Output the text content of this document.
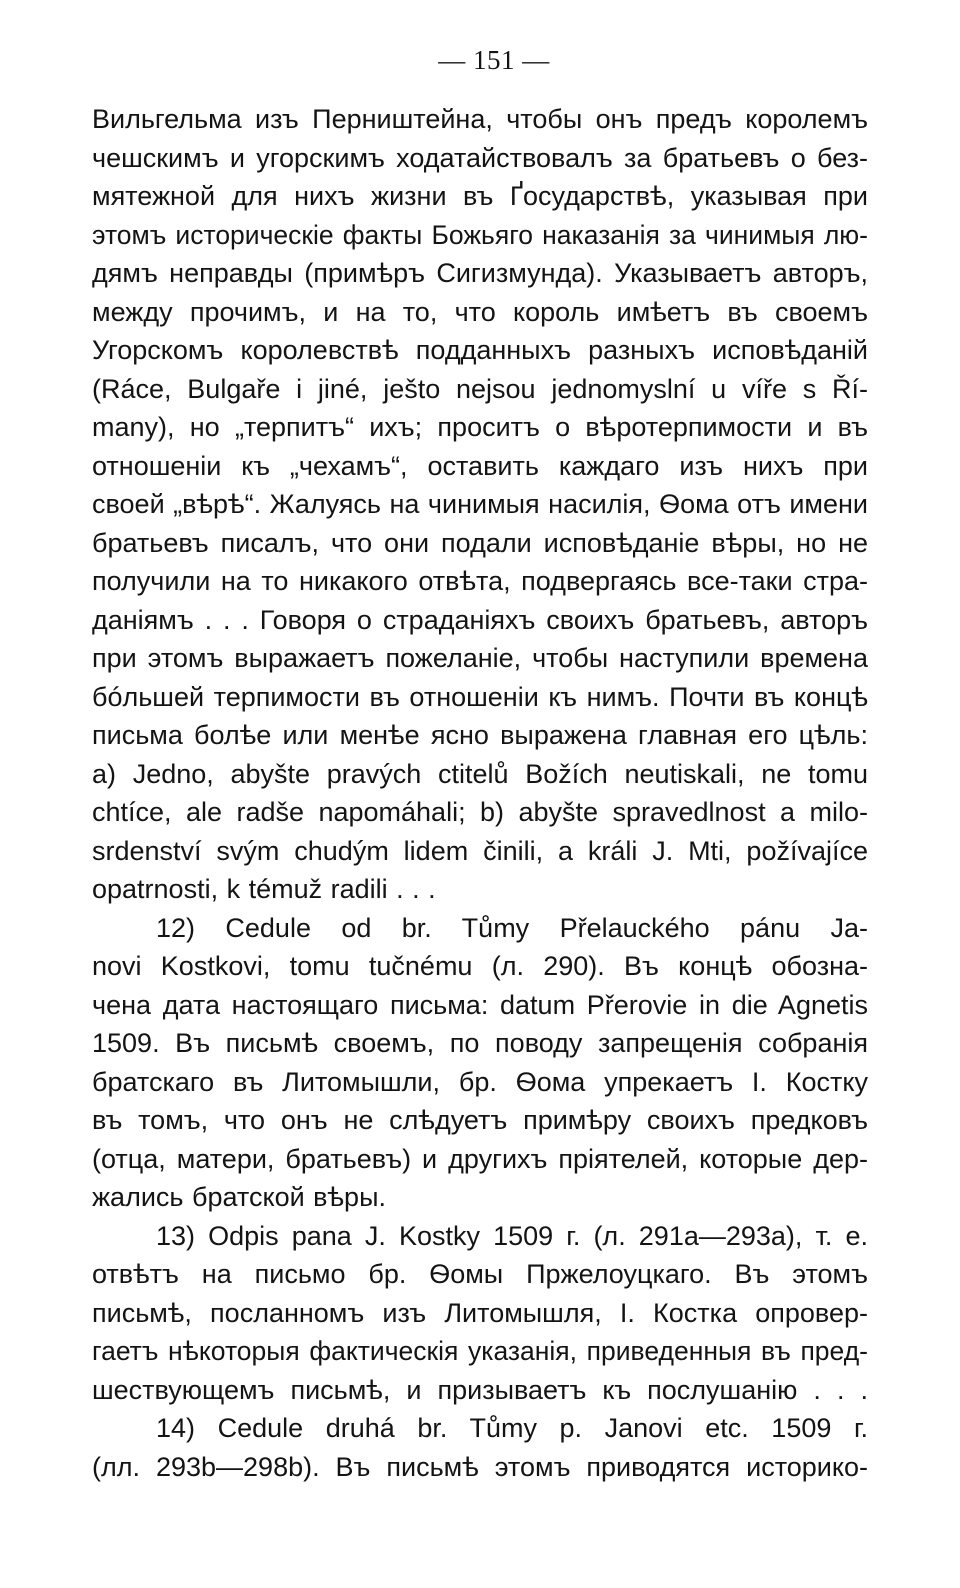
— 151 —
Вильгельма изъ Перништейна, чтобы онъ предъ королемъ
чешскимъ и угорскимъ ходатайствовалъ за братьевъ о без-
мятежной для нихъ жизни въ Ґосударствѣ, указывая при
этомъ историческіе факты Божьяго наказанія за чинимыя лю-
дямъ неправды (примѣръ Сигизмунда). Указываетъ авторъ,
между прочимъ, и на то, что король имѣетъ въ своемъ
Угорскомъ королевствѣ подданныхъ разныхъ исповѣданій
(Ráce, Bulgaře i jiné, ješto nejsou jednomyslní u víře s Ří-
manу), но „терпитъ“ ихъ; проситъ о вѣротерпимости и въ
отношеніи къ „чехамъ“, оставить каждаго изъ нихъ при
своей „вѣрѣ“. Жалуясь на чинимыя насилія, Ѳома отъ имени
братьевъ писалъ, что они подали исповѣданіе вѣры, но не
получили на то никакого отвѣта, подвергаясь все-таки стра-
даніямъ . . . Говоря о страданіяхъ своихъ братьевъ, авторъ
при этомъ выражаетъ пожеланіе, чтобы наступили времена
бóльшей терпимости въ отношеніи къ нимъ. Почти въ концѣ
письма болѣе или менѣе ясно выражена главная его цѣль:
a) Jedno, abyšte pravých ctitelů Božích neutiskali, ne tomu
chtíce, ale radše napomáhali; b) abyšte spravedlnost a milo-
srdenství svým chudým lidem činili, a králi J. Mti, požívajíce
opatrnosti, k témuž radili . . .
12) Cedule od br. Tůmy Přelauckého pánu Ja-
novi Kostkovi, tomu tučnému (л. 290). Въ концѣ обозна-
чена дата настоящаго письма: datum Přerovie in die Agnetis
1509. Въ письмѣ своемъ, по поводу запрещенія собранія
братскаго въ Литомышли, бр. Ѳома упрекаетъ І. Костку
въ томъ, что онъ не слѣдуетъ примѣру своихъ предковъ
(отца, матери, братьевъ) и другихъ пріятелей, которые дер-
жались братской вѣры.
13) Odpis pana J. Kostky 1509 г. (л. 291a—293a), т. е.
отвѣтъ на письмо бр. Ѳомы Пржелоуцкаго. Въ этомъ
письмѣ, посланномъ изъ Литомышля, І. Костка опровер-
гаетъ нѣкоторыя фактическія указанія, приведенныя въ пред-
шествующемъ письмѣ, и призываетъ къ послушанію . . .
14) Cedule druhá br. Tůmy p. Janovi etc. 1509 г.
(лл. 293b—298b). Въ письмѣ этомъ приводятся историко-
